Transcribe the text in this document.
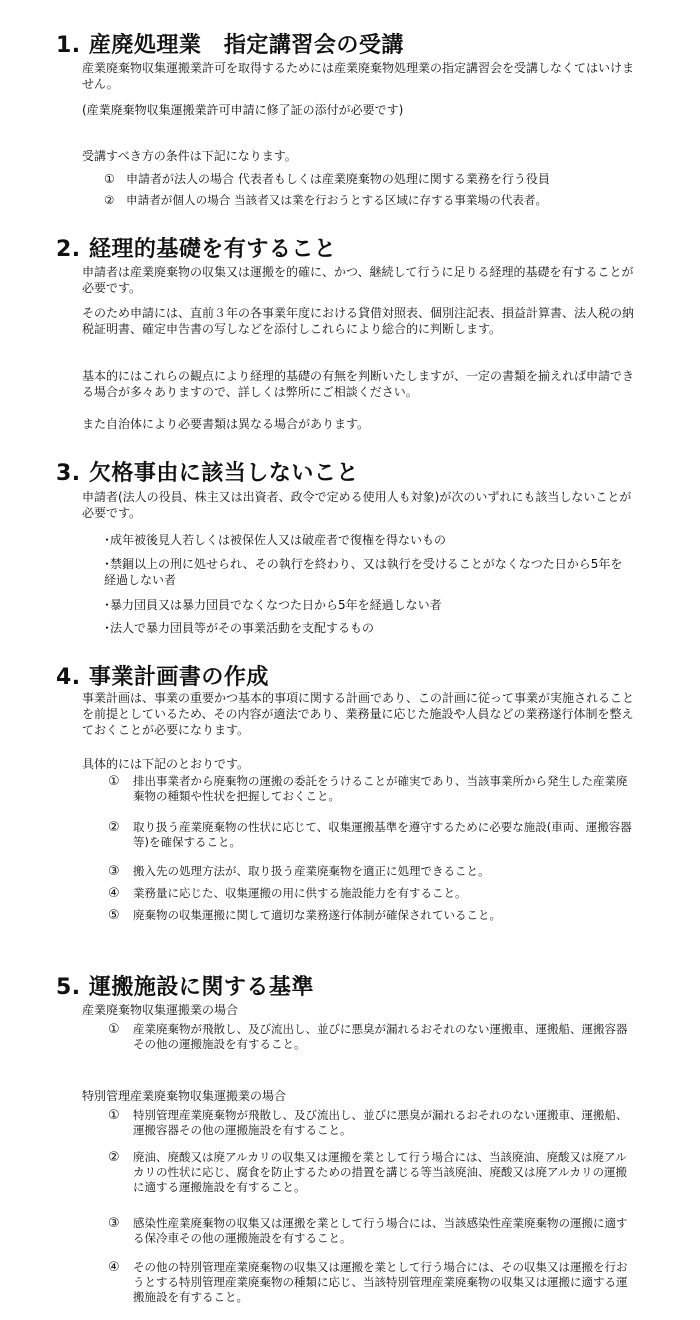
1. 産廃処理業　指定講習会の受講
産業廃棄物収集運搬業許可を取得するためには産業廃棄物処理業の指定講習会を受講しなくてはいけません。
(産業廃棄物収集運搬業許可申請に修了証の添付が必要です)
受講すべき方の条件は下記になります。
① 申請者が法人の場合 代表者もしくは産業廃棄物の処理に関する業務を行う役員
② 申請者が個人の場合 当該者又は業を行おうとする区域に存する事業場の代表者。
2. 経理的基礎を有すること
申請者は産業廃棄物の収集又は運搬を的確に、かつ、継続して行うに足りる経理的基礎を有することが必要です。
そのため申請には、直前３年の各事業年度における貸借対照表、個別注記表、損益計算書、法人税の納税証明書、確定申告書の写しなどを添付しこれらにより総合的に判断します。
基本的にはこれらの観点により経理的基礎の有無を判断いたしますが、一定の書類を揃えれば申請できる場合が多々ありますので、詳しくは弊所にご相談ください。
また自治体により必要書類は異なる場合があります。
3. 欠格事由に該当しないこと
申請者(法人の役員、株主又は出資者、政令で定める使用人も対象)が次のいずれにも該当しないことが必要です。
･成年被後見人若しくは被保佐人又は破産者で復権を得ないもの
･禁錮以上の刑に処せられ、その執行を終わり、又は執行を受けることがなくなつた日から5年を経過しない者
･暴力団員又は暴力団員でなくなつた日から5年を経過しない者
･法人で暴力団員等がその事業活動を支配するもの
4. 事業計画書の作成
事業計画は、事業の重要かつ基本的事項に関する計画であり、この計画に従って事業が実施されることを前提としているため、その内容が適法であり、業務量に応じた施設や人員などの業務遂行体制を整えておくことが必要になります。
具体的には下記のとおりです。
① 排出事業者から廃棄物の運搬の委託をうけることが確実であり、当該事業所から発生した産業廃棄物の種類や性状を把握しておくこと。
② 取り扱う産業廃棄物の性状に応じて、収集運搬基準を遵守するために必要な施設(車両、運搬容器等)を確保すること。
③ 搬入先の処理方法が、取り扱う産業廃棄物を適正に処理できること。
④ 業務量に応じた、収集運搬の用に供する施設能力を有すること。
⑤ 廃棄物の収集運搬に関して適切な業務遂行体制が確保されていること。
5. 運搬施設に関する基準
産業廃棄物収集運搬業の場合
① 産業廃棄物が飛散し、及び流出し、並びに悪臭が漏れるおそれのない運搬車、運搬船、運搬容器その他の運搬施設を有すること。
特別管理産業廃棄物収集運搬業の場合
① 特別管理産業廃棄物が飛散し、及び流出し、並びに悪臭が漏れるおそれのない運搬車、運搬船、運搬容器その他の運搬施設を有すること。
② 廃油、廃酸又は廃アルカリの収集又は運搬を業として行う場合には、当該廃油、廃酸又は廃アルカリの性状に応じ、腐食を防止するための措置を講じる等当該廃油、廃酸又は廃アルカリの運搬に適する運搬施設を有すること。
③ 感染性産業廃棄物の収集又は運搬を業として行う場合には、当該感染性産業廃棄物の運搬に適する保冷車その他の運搬施設を有すること。
④ その他の特別管理産業廃棄物の収集又は運搬を業として行う場合には、その収集又は運搬を行おうとする特別管理産業廃棄物の種類に応じ、当該特別管理産業廃棄物の収集又は運搬に適する運搬施設を有すること。
